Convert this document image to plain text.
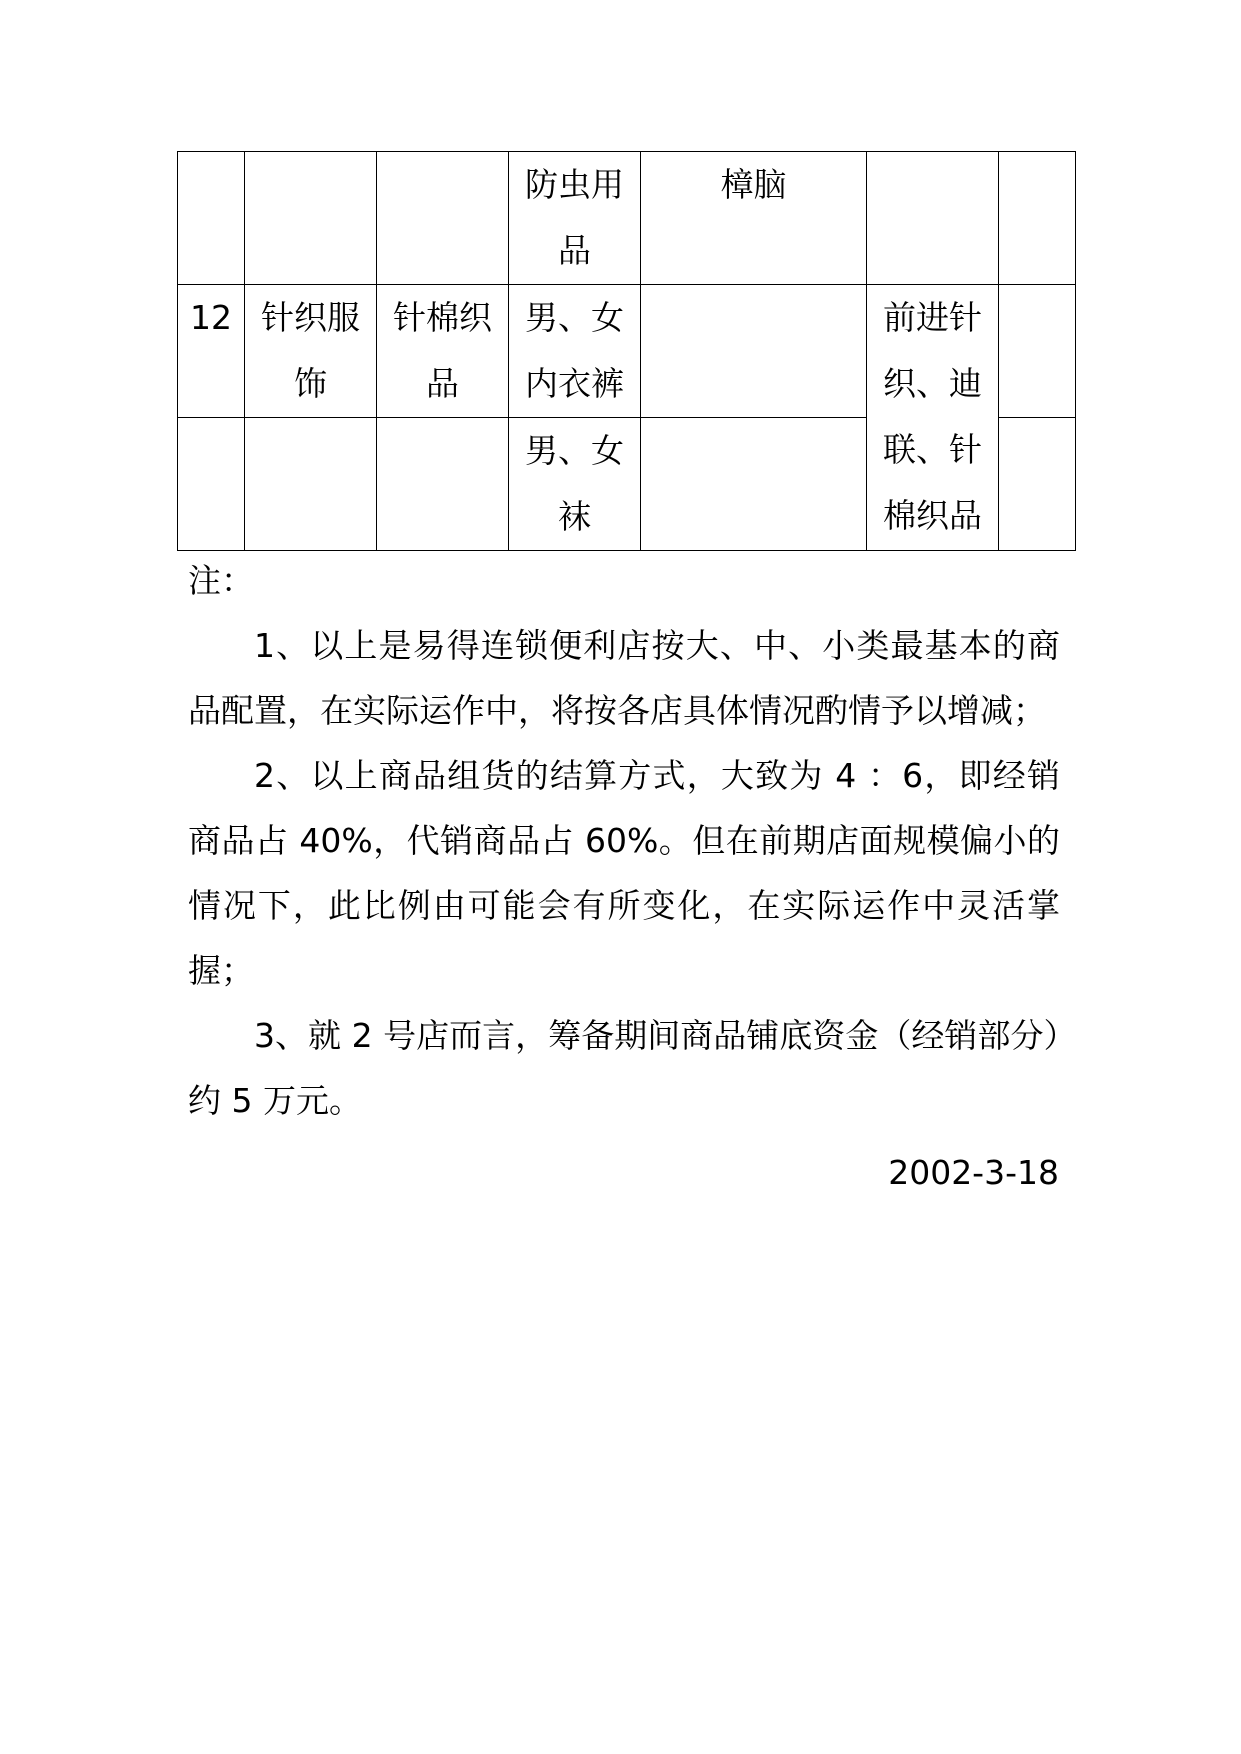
			防虫用品	樟脑		
12	针织服饰	针棉织品	男、女内衣裤		前进针织、迪联、针棉织品	
			男、女袜			

注：

1、以上是易得连锁便利店按大、中、小类最基本的商品配置，在实际运作中，将按各店具体情况酌情予以增减；

2、以上商品组货的结算方式，大致为 4 ：6，即经销商品占 40%，代销商品占 60%。但在前期店面规模偏小的情况下，此比例由可能会有所变化，在实际运作中灵活掌握；

3、就 2 号店而言，筹备期间商品铺底资金（经销部分）约 5 万元。

2002-3-18
